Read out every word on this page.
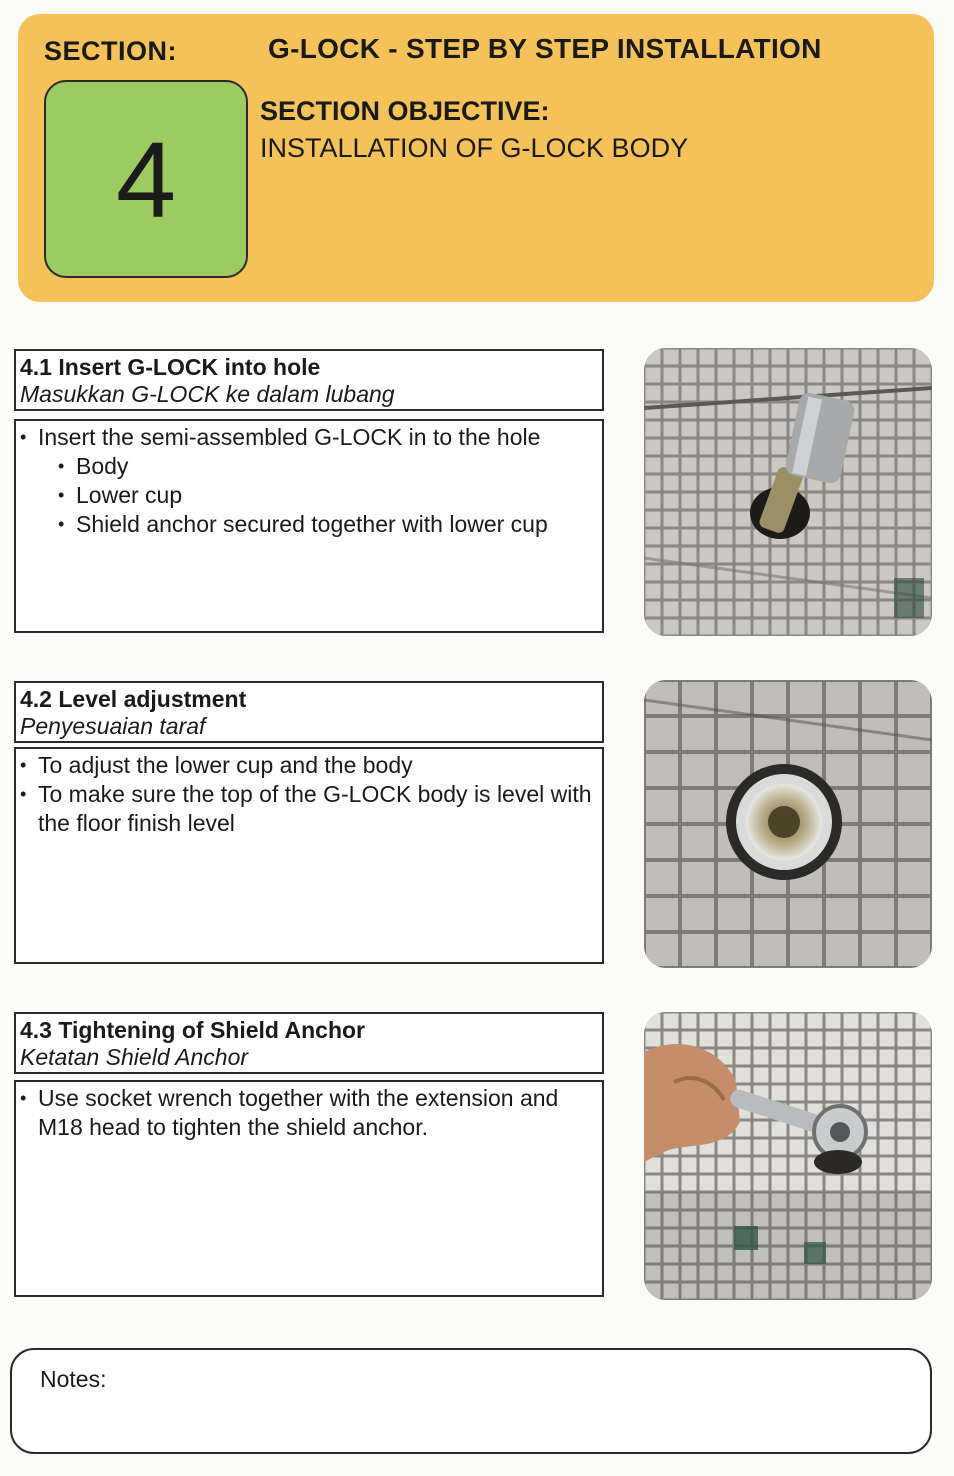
SECTION:	G-LOCK - STEP BY STEP INSTALLATION
4
SECTION OBJECTIVE:
INSTALLATION OF G-LOCK BODY
4.1 Insert G-LOCK into hole
Masukkan G-LOCK ke dalam lubang
• Insert the semi-assembled G-LOCK in to the hole
• Body
• Lower cup
• Shield anchor secured together with lower cup
4.2 Level adjustment
Penyesuaian taraf
• To adjust the lower cup and the body
• To make sure the top of the G-LOCK body is level with the floor finish level
4.3 Tightening of Shield Anchor
Ketatan Shield Anchor
• Use socket wrench together with the extension and M18 head to tighten the shield anchor.
Notes:
